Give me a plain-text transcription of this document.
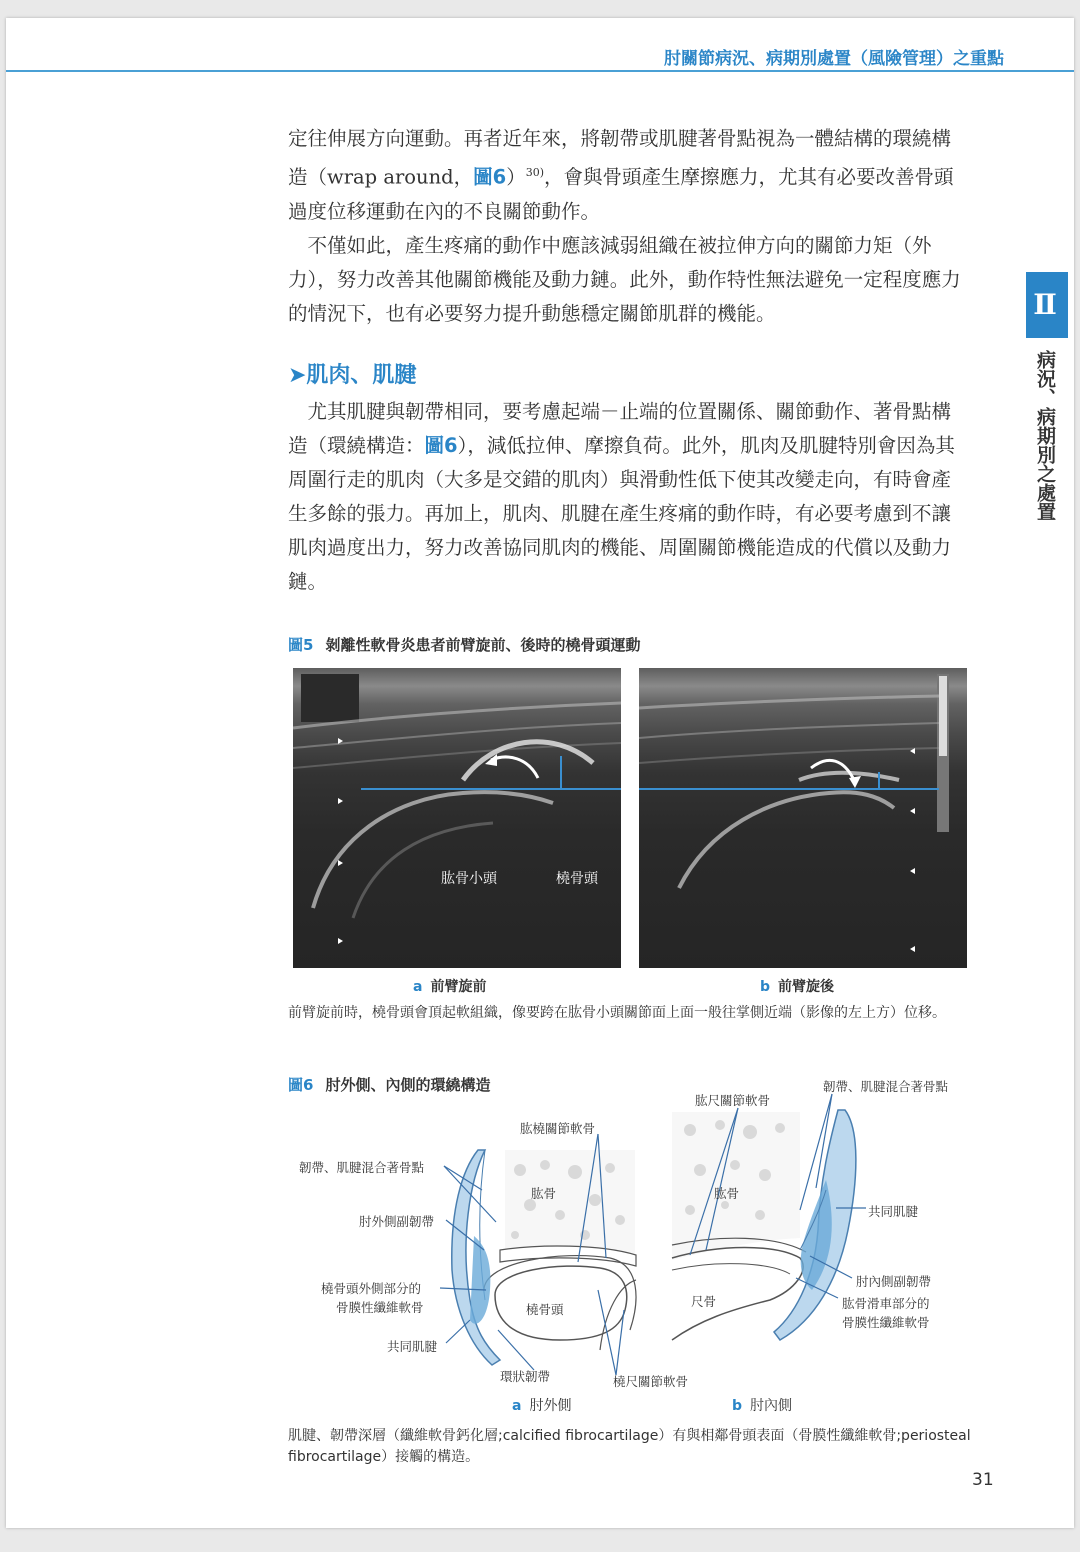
肘關節病況、病期別處置（風險管理）之重點
Ⅱ
病況、病期別之處置

定往伸展方向運動。再者近年來，將韌帶或肌腱著骨點視為一體結構的環繞構造（wrap around，圖6）$^{30)}$，會與骨頭產生摩擦應力，尤其有必要改善骨頭過度位移運動在內的不良關節動作。

不僅如此，產生疼痛的動作中應該減弱組織在被拉伸方向的關節力矩（外力），努力改善其他關節機能及動力鏈。此外，動作特性無法避免一定程度應力的情況下，也有必要努力提升動態穩定關節肌群的機能。

➤肌肉、肌腱

尤其肌腱與韌帶相同，要考慮起端－止端的位置關係、關節動作、著骨點構造（環繞構造：圖6），減低拉伸、摩擦負荷。此外，肌肉及肌腱特別會因為其周圍行走的肌肉（大多是交錯的肌肉）與滑動性低下使其改變走向，有時會產生多餘的張力。再加上，肌肉、肌腱在產生疼痛的動作時，有必要考慮到不讓肌肉過度出力，努力改善協同肌肉的機能、周圍關節機能造成的代償以及動力鏈。

圖5 剝離性軟骨炎患者前臂旋前、後時的橈骨頭運動
肱骨小頭	橈骨頭
a 前臂旋前	b 前臂旋後
前臂旋前時，橈骨頭會頂起軟組織，像要跨在肱骨小頭關節面上面一般往掌側近端（影像的左上方）位移。
圖6 肘外側、內側的環繞構造
肱橈關節軟骨
韌帶、肌腱混合著骨點
肱骨
肘外側副韌帶
橈骨頭外側部分的
骨膜性纖維軟骨	橈骨頭
共同肌腱
環狀韌帶	橈尺關節軟骨
肱尺關節軟骨
韌帶、肌腱混合著骨點
肱骨
共同肌腱
肘內側副韌帶
尺骨	肱骨滑車部分的
骨膜性纖維軟骨
a 肘外側	b 肘內側
肌腱、韌帶深層（纖維軟骨鈣化層;calcified fibrocartilage）有與相鄰骨頭表面（骨膜性纖維軟骨;periosteal fibrocartilage）接觸的構造。
31
